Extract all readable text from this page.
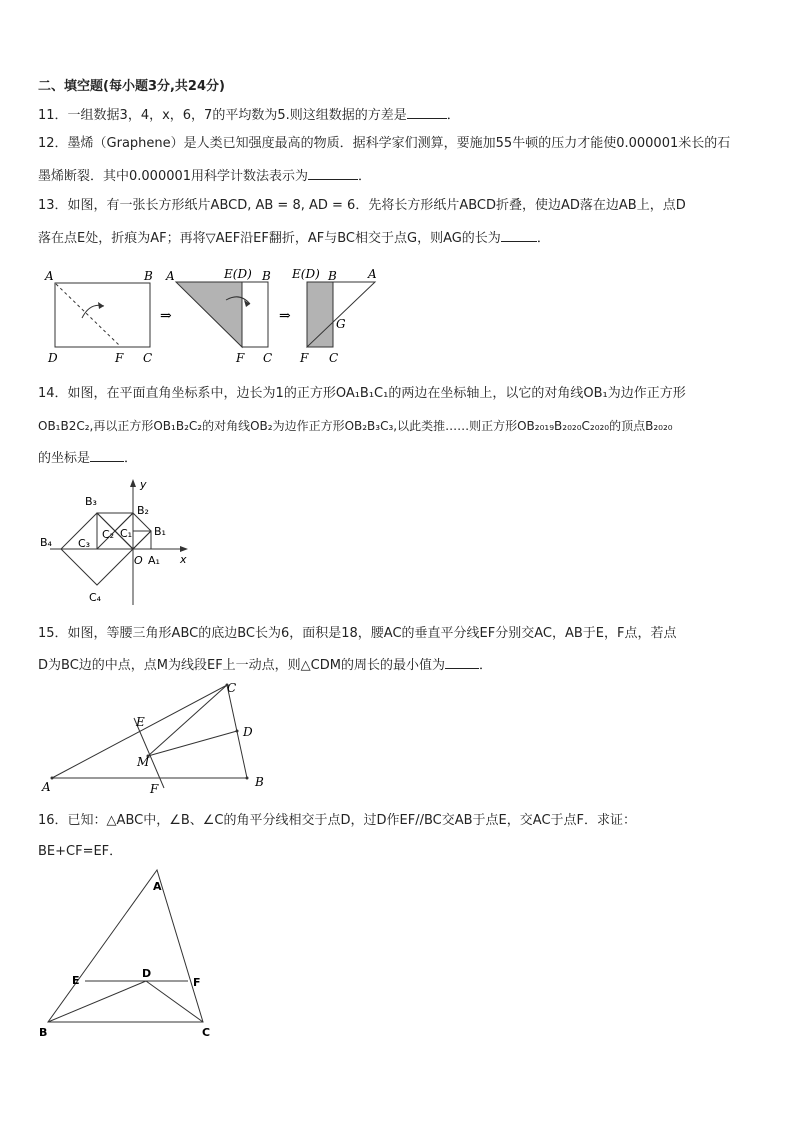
二、填空题(每小题3分,共24分)
11．一组数据3，4，x，6，7的平均数为5.则这组数据的方差是	．
12．墨烯（Graphene）是人类已知强度最高的物质．据科学家们测算，要施加55牛顿的压力才能使0.000001米长的石
墨烯断裂．其中0.000001用科学计数法表示为	．
13．如图，有一张长方形纸片ABCD, AB = 8, AD = 6．先将长方形纸片ABCD折叠，使边AD落在边AB上，点D
落在点E处，折痕为AF；再将▽AEF沿EF翻折，AF与BC相交于点G，则AG的长为	．
A	B
D	F C
⇒
A	E(D) B
F C
⇒
E(D) B	A
G
F C
14．如图，在平面直角坐标系中，边长为1的正方形OA₁B₁C₁的两边在坐标轴上，以它的对角线OB₁为边作正方形
OB₁B2C₂,再以正方形OB₁B₂C₂的对角线OB₂为边作正方形OB₂B₃C₃,以此类推……则正方形OB₂₀₁₉B₂₀₂₀C₂₀₂₀的顶点B₂₀₂₀
的坐标是	．
y
x
O A₁
B₁
B₂
B₃
B₄
C₁
C₂
C₃
C₄
15．如图，等腰三角形ABC的底边BC长为6，面积是18，腰AC的垂直平分线EF分别交AC，AB于E，F点，若点
D为BC边的中点，点M为线段EF上一动点，则△CDM的周长的最小值为	．
A	B
C
D
E
F
M
16．已知：△ABC中，∠B、∠C的角平分线相交于点D，过D作EF//BC交AB于点E，交AC于点F．求证：
BE+CF=EF．
A
B	C
D
E	F
